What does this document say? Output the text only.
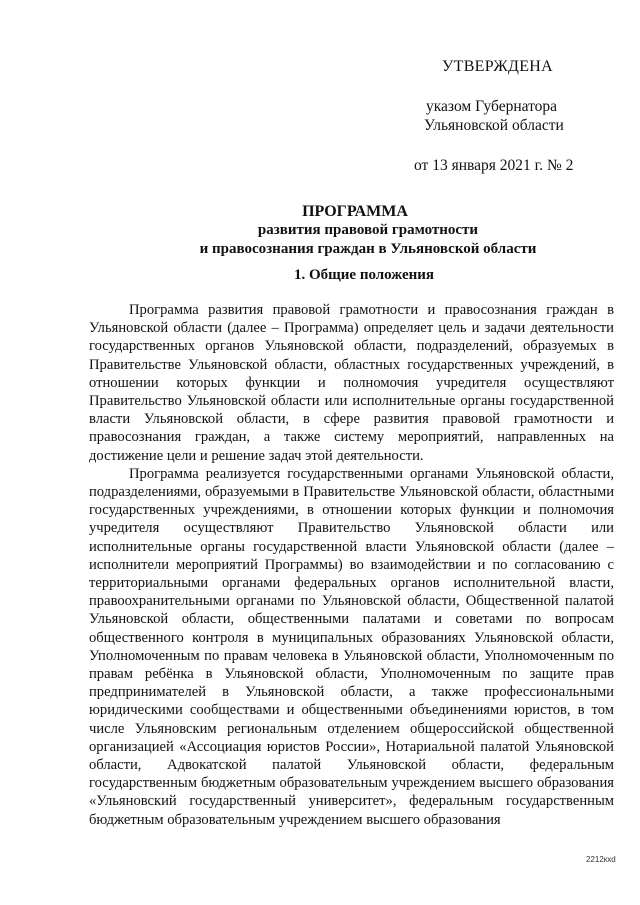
УТВЕРЖДЕНА
указом Губернатора
Ульяновской области
от 13 января 2021 г. № 2
ПРОГРАММА
развития правовой грамотности
и правосознания граждан в Ульяновской области
1. Общие положения

Программа развития правовой грамотности и правосознания граждан в Ульяновской области (далее – Программа) определяет цель и задачи деятельности государственных органов Ульяновской области, подразделений, образуемых в Правительстве Ульяновской области, областных государственных учреждений, в отношении которых функции и полномочия учредителя осуществляют Правительство Ульяновской области или исполнительные органы государственной власти Ульяновской области, в сфере развития правовой грамотности и правосознания граждан, а также систему мероприятий, направленных на достижение цели и решение задач этой деятельности.

Программа реализуется государственными органами Ульяновской области, подразделениями, образуемыми в Правительстве Ульяновской области, областными государственных учреждениями, в отношении которых функции и полномочия учредителя осуществляют Правительство Ульяновской области или исполнительные органы государственной власти Ульяновской области (далее – исполнители мероприятий Программы) во взаимодействии и по согласованию с территориальными органами федеральных органов исполнительной власти, правоохранительными органами по Ульяновской области, Общественной палатой Ульяновской области, общественными палатами и советами по вопросам общественного контроля в муниципальных образованиях Ульяновской области, Уполномоченным по правам человека в Ульяновской области, Уполномоченным по правам ребёнка в Ульяновской области, Уполномоченным по защите прав предпринимателей в Ульяновской области, а также профессиональными юридическими сообществами и общественными объединениями юристов, в том числе Ульяновским региональным отделением общероссийской общественной организацией «Ассоциация юристов России», Нотариальной палатой Ульяновской области, Адвокатской палатой Ульяновской области, федеральным государственным бюджетным образовательным учреждением высшего образования «Ульяновский государственный университет», федеральным государственным бюджетным образовательным учреждением высшего образования

2212кхd
